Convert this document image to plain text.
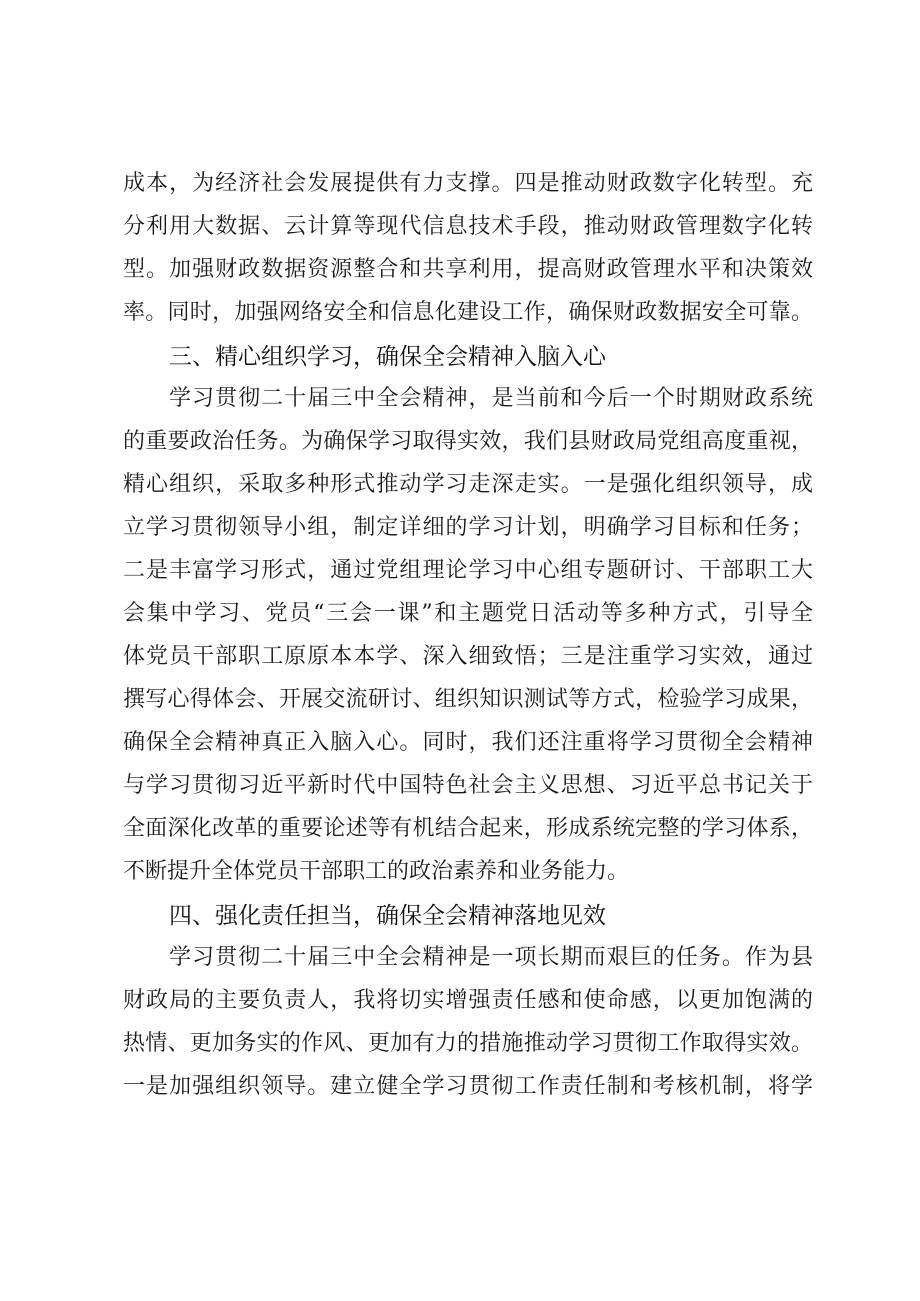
成本，为经济社会发展提供有力支撑。四是推动财政数字化转型。充
分利用大数据、云计算等现代信息技术手段，推动财政管理数字化转
型。加强财政数据资源整合和共享利用，提高财政管理水平和决策效
率。同时，加强网络安全和信息化建设工作，确保财政数据安全可靠。
三、精心组织学习，确保全会精神入脑入心
学习贯彻二十届三中全会精神，是当前和今后一个时期财政系统
的重要政治任务。为确保学习取得实效，我们县财政局党组高度重视，
精心组织，采取多种形式推动学习走深走实。一是强化组织领导，成
立学习贯彻领导小组，制定详细的学习计划，明确学习目标和任务；
二是丰富学习形式，通过党组理论学习中心组专题研讨、干部职工大
会集中学习、党员“三会一课”和主题党日活动等多种方式，引导全
体党员干部职工原原本本学、深入细致悟；三是注重学习实效，通过
撰写心得体会、开展交流研讨、组织知识测试等方式，检验学习成果，
确保全会精神真正入脑入心。同时，我们还注重将学习贯彻全会精神
与学习贯彻习近平新时代中国特色社会主义思想、习近平总书记关于
全面深化改革的重要论述等有机结合起来，形成系统完整的学习体系，
不断提升全体党员干部职工的政治素养和业务能力。
四、强化责任担当，确保全会精神落地见效
学习贯彻二十届三中全会精神是一项长期而艰巨的任务。作为县
财政局的主要负责人，我将切实增强责任感和使命感，以更加饱满的
热情、更加务实的作风、更加有力的措施推动学习贯彻工作取得实效。
一是加强组织领导。建立健全学习贯彻工作责任制和考核机制，将学
